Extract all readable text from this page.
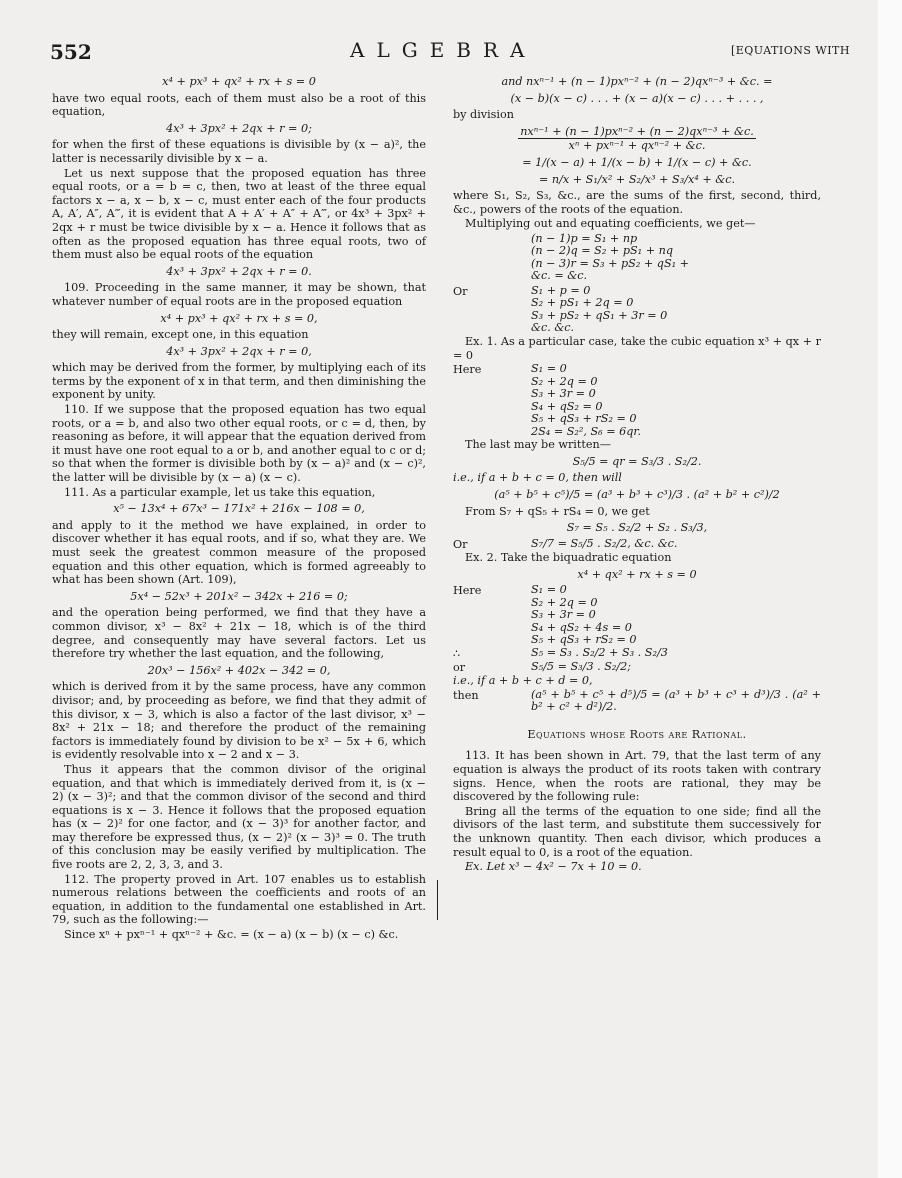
552	ALGEBRA	[EQUATIONS WITH
x⁴ + px³ + qx² + rx + s = 0

have two equal roots, each of them must also be a root of this equation,

4x³ + 3px² + 2qx + r = 0;

for when the first of these equations is divisible by (x − a)², the latter is necessarily divisible by x − a.

Let us next suppose that the proposed equation has three equal roots, or a = b = c, then, two at least of the three equal factors x − a, x − b, x − c, must enter each of the four products A, A′, A″, A‴, it is evident that A + A′ + A″ + A‴, or 4x³ + 3px² + 2qx + r must be twice divisible by x − a. Hence it follows that as often as the proposed equation has three equal roots, two of them must also be equal roots of the equation

4x³ + 3px² + 2qx + r = 0.

109. Proceeding in the same manner, it may be shown, that whatever number of equal roots are in the proposed equation

x⁴ + px³ + qx² + rx + s = 0,

they will remain, except one, in this equation

4x³ + 3px² + 2qx + r = 0,

which may be derived from the former, by multiplying each of its terms by the exponent of x in that term, and then diminishing the exponent by unity.

110. If we suppose that the proposed equation has two equal roots, or a = b, and also two other equal roots, or c = d, then, by reasoning as before, it will appear that the equation derived from it must have one root equal to a or b, and another equal to c or d; so that when the former is divisible both by (x − a)² and (x − c)², the latter will be divisible by (x − a) (x − c).

111. As a particular example, let us take this equation,

x⁵ − 13x⁴ + 67x³ − 171x² + 216x − 108 = 0,

and apply to it the method we have explained, in order to discover whether it has equal roots, and if so, what they are. We must seek the greatest common measure of the proposed equation and this other equation, which is formed agreeably to what has been shown (Art. 109),

5x⁴ − 52x³ + 201x² − 342x + 216 = 0;

and the operation being performed, we find that they have a common divisor, x³ − 8x² + 21x − 18, which is of the third degree, and consequently may have several factors. Let us therefore try whether the last equation, and the following,

20x³ − 156x² + 402x − 342 = 0,

which is derived from it by the same process, have any common divisor; and, by proceeding as before, we find that they admit of this divisor, x − 3, which is also a factor of the last divisor, x³ − 8x² + 21x − 18; and therefore the product of the remaining factors is immediately found by division to be x² − 5x + 6, which is evidently resolvable into x − 2 and x − 3.

Thus it appears that the common divisor of the original equation, and that which is immediately derived from it, is (x − 2) (x − 3)²; and that the common divisor of the second and third equations is x − 3. Hence it follows that the proposed equation has (x − 2)² for one factor, and (x − 3)³ for another factor, and may therefore be expressed thus, (x − 2)² (x − 3)³ = 0. The truth of this conclusion may be easily verified by multiplication. The five roots are 2, 2, 3, 3, and 3.

112. The property proved in Art. 107 enables us to establish numerous relations between the coefficients and roots of an equation, in addition to the fundamental one established in Art. 79, such as the following:—

Since xⁿ + pxⁿ⁻¹ + qxⁿ⁻² + &c. = (x − a) (x − b) (x − c) &c.

and nxⁿ⁻¹ + (n − 1)pxⁿ⁻² + (n − 2)qxⁿ⁻³ + &c. =
(x − b)(x − c) . . . + (x − a)(x − c) . . . + . . . ,

by division

$\frac{\text{nxⁿ⁻¹ + (n − 1)pxⁿ⁻² + (n − 2)qxⁿ⁻³ + \&c.}}{\text{xⁿ + pxⁿ⁻¹ + qxⁿ⁻² + \&c.}}$
= 1/(x − a) + 1/(x − b) + 1/(x − c) + &c.
= n/x + S₁/x² + S₂/x³ + S₃/x⁴ + &c.

where S₁, S₂, S₃, &c., are the sums of the first, second, third, &c., powers of the roots of the equation.

Multiplying out and equating coefficients, we get—

(n − 1)p = S₁ + np
(n − 2)q = S₂ + pS₁ + nq
(n − 3)r = S₃ + pS₂ + qS₁ +
&c. = &c.
Or	S₁ + p = 0
S₂ + pS₁ + 2q = 0
S₃ + pS₂ + qS₁ + 3r = 0
&c. &c.

Ex. 1. As a particular case, take the cubic equation x³ + qx + r = 0

Here	S₁ = 0
S₂ + 2q = 0
S₃ + 3r = 0
S₄ + qS₂ = 0
S₅ + qS₃ + rS₂ = 0
2S₄ = S₂², S₆ = 6qr.

The last may be written—

S₅/5 = qr = S₃/3 . S₂/2.

i.e., if a + b + c = 0, then will

(a⁵ + b⁵ + c⁵)/5 = (a³ + b³ + c³)/3 . (a² + b² + c²)/2

From S₇ + qS₅ + rS₄ = 0, we get

S₇ = S₅ . S₂/2 + S₂ . S₃/3,
Or	S₇/7 = S₅/5 . S₂/2, &c. &c.

Ex. 2. Take the biquadratic equation

x⁴ + qx² + rx + s = 0
Here	S₁ = 0
S₂ + 2q = 0
S₃ + 3r = 0
S₄ + qS₂ + 4s = 0
S₅ + qS₃ + rS₂ = 0
∴	S₅ = S₃ . S₂/2 + S₃ . S₂/3
or	S₅/5 = S₃/3 . S₂/2;

i.e., if a + b + c + d = 0,

then	(a⁵ + b⁵ + c⁵ + d⁵)/5 = (a³ + b³ + c³ + d³)/3 . (a² + b² + c² + d²)/2.
Equations whose Roots are Rational.

113. It has been shown in Art. 79, that the last term of any equation is always the product of its roots taken with contrary signs. Hence, when the roots are rational, they may be discovered by the following rule:

Bring all the terms of the equation to one side; find all the divisors of the last term, and substitute them successively for the unknown quantity. Then each divisor, which produces a result equal to 0, is a root of the equation.

Ex. Let x³ − 4x² − 7x + 10 = 0.
